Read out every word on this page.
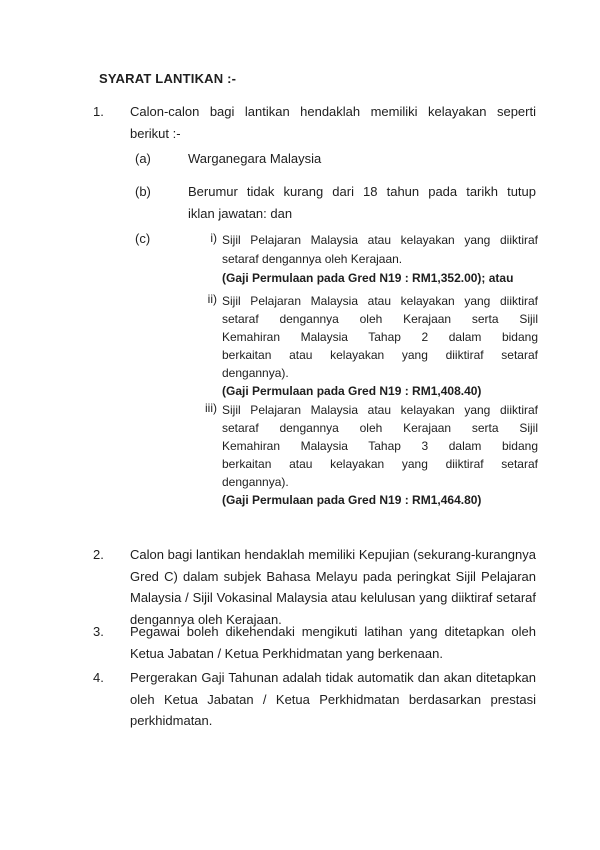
SYARAT LANTIKAN :-
1. Calon-calon bagi lantikan hendaklah memiliki kelayakan seperti
berikut :-
(a)	Warganegara Malaysia
(b)	Berumur tidak kurang dari 18 tahun pada tarikh tutup
iklan jawatan: dan
(c)	i) Sijil Pelajaran Malaysia atau kelayakan yang diiktiraf
setaraf dengannya oleh Kerajaan.
(Gaji Permulaan pada Gred N19 : RM1,352.00); atau
ii) Sijil Pelajaran Malaysia atau kelayakan yang diiktiraf
setaraf dengannya oleh Kerajaan serta Sijil
Kemahiran Malaysia Tahap 2 dalam bidang
berkaitan atau kelayakan yang diiktiraf setaraf
dengannya).
(Gaji Permulaan pada Gred N19 : RM1,408.40)
iii) Sijil Pelajaran Malaysia atau kelayakan yang diiktiraf
setaraf dengannya oleh Kerajaan serta Sijil
Kemahiran Malaysia Tahap 3 dalam bidang
berkaitan atau kelayakan yang diiktiraf setaraf
dengannya).
(Gaji Permulaan pada Gred N19 : RM1,464.80)
2. Calon bagi lantikan hendaklah memiliki Kepujian (sekurang-kurangnya
Gred C) dalam subjek Bahasa Melayu pada peringkat Sijil Pelajaran
Malaysia / Sijil Vokasinal Malaysia atau kelulusan yang diiktiraf setaraf
dengannya oleh Kerajaan.
3. Pegawai boleh dikehendaki mengikuti latihan yang ditetapkan oleh
Ketua Jabatan / Ketua Perkhidmatan yang berkenaan.
4. Pergerakan Gaji Tahunan adalah tidak automatik dan akan ditetapkan
oleh Ketua Jabatan / Ketua Perkhidmatan berdasarkan prestasi
perkhidmatan.
